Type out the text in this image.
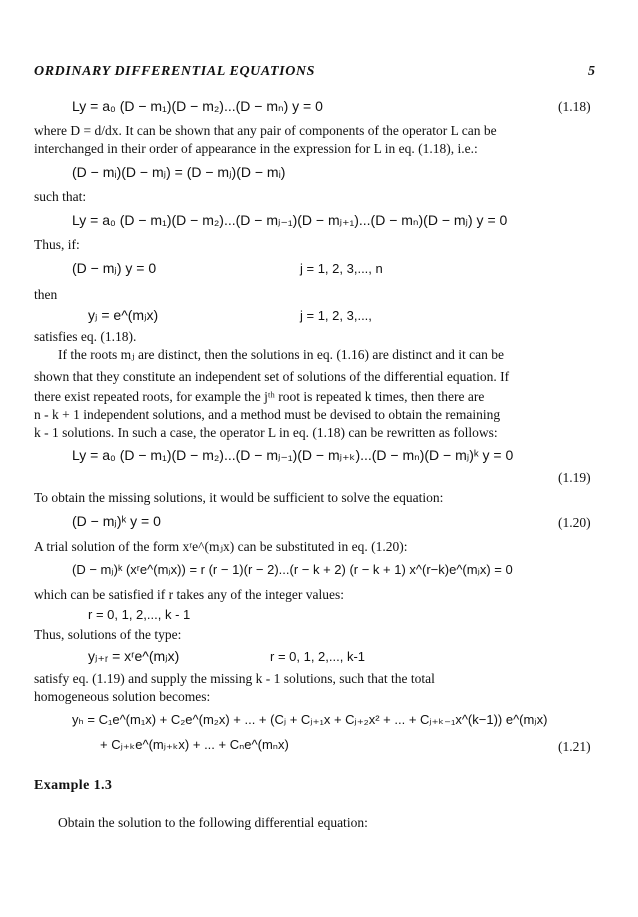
ORDINARY DIFFERENTIAL EQUATIONS	5
Ly = a₀ (D − m₁)(D − m₂)...(D − mₙ) y = 0	(1.18)
where D = d/dx. It can be shown that any pair of components of the operator L can be
interchanged in their order of appearance in the expression for L in eq. (1.18), i.e.:
(D − mᵢ)(D − mⱼ) = (D − mⱼ)(D − mᵢ)
such that:
Ly = a₀ (D − m₁)(D − m₂)...(D − mⱼ₋₁)(D − mⱼ₊₁)...(D − mₙ)(D − mⱼ) y = 0
Thus, if:
(D − mⱼ) y = 0	j = 1, 2, 3,..., n
then
yⱼ = e^(mⱼx)	j = 1, 2, 3,...,
satisfies eq. (1.18).
If the roots mⱼ are distinct, then the solutions in eq. (1.16) are distinct and it can be
shown that they constitute an independent set of solutions of the differential equation. If
there exist repeated roots, for example the jᵗʰ root is repeated k times, then there are
n - k + 1 independent solutions, and a method must be devised to obtain the remaining
k - 1 solutions. In such a case, the operator L in eq. (1.18) can be rewritten as follows:
Ly = a₀ (D − m₁)(D − m₂)...(D − mⱼ₋₁)(D − mⱼ₊ₖ)...(D − mₙ)(D − mⱼ)ᵏ y = 0
(1.19)
To obtain the missing solutions, it would be sufficient to solve the equation:
(D − mⱼ)ᵏ y = 0	(1.20)
A trial solution of the form xʳe^(mⱼx) can be substituted in eq. (1.20):
(D − mⱼ)ᵏ (xʳe^(mⱼx)) = r (r − 1)(r − 2)...(r − k + 2) (r − k + 1) x^(r−k)e^(mⱼx) = 0
which can be satisfied if r takes any of the integer values:
r = 0, 1, 2,..., k - 1
Thus, solutions of the type:
yⱼ₊ᵣ = xʳe^(mⱼx)	r = 0, 1, 2,..., k-1
satisfy eq. (1.19) and supply the missing k - 1 solutions, such that the total
homogeneous solution becomes:
yₕ = C₁e^(m₁x) + C₂e^(m₂x) + ... + (Cⱼ + Cⱼ₊₁x + Cⱼ₊₂x² + ... + Cⱼ₊ₖ₋₁x^(k−1)) e^(mⱼx)
+ Cⱼ₊ₖe^(mⱼ₊ₖx) + ... + Cₙe^(mₙx)	(1.21)
Example 1.3
Obtain the solution to the following differential equation:
